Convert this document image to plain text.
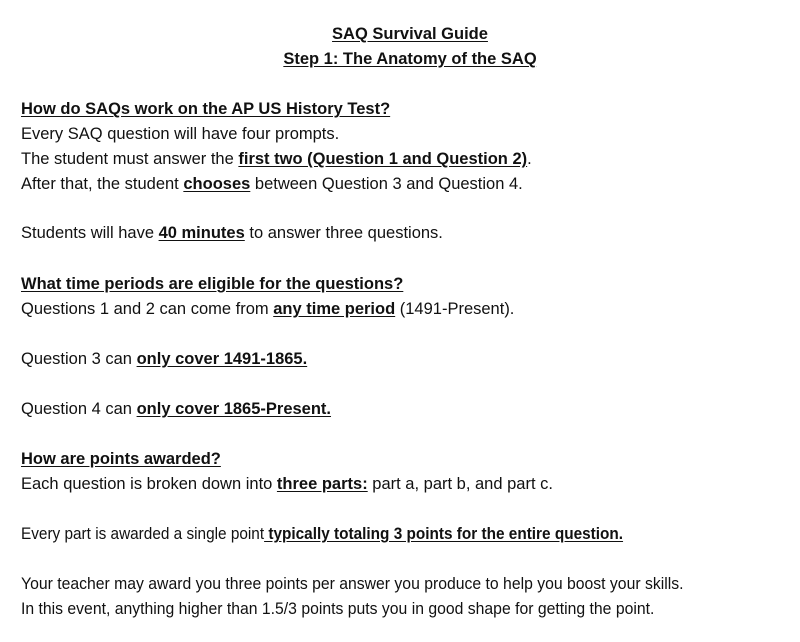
SAQ Survival Guide

Step 1: The Anatomy of the SAQ

How do SAQs work on the AP US History Test?

Every SAQ question will have four prompts.

The student must answer the first two (Question 1 and Question 2).

After that, the student chooses between Question 3 and Question 4.

Students will have 40 minutes to answer three questions.

What time periods are eligible for the questions?

Questions 1 and 2 can come from any time period (1491-Present).

Question 3 can only cover 1491-1865.

Question 4 can only cover 1865-Present.

How are points awarded?

Each question is broken down into three parts: part a, part b, and part c.

Every part is awarded a single point typically totaling 3 points for the entire question.

Your teacher may award you three points per answer you produce to help you boost your skills.

In this event, anything higher than 1.5/3 points puts you in good shape for getting the point.
